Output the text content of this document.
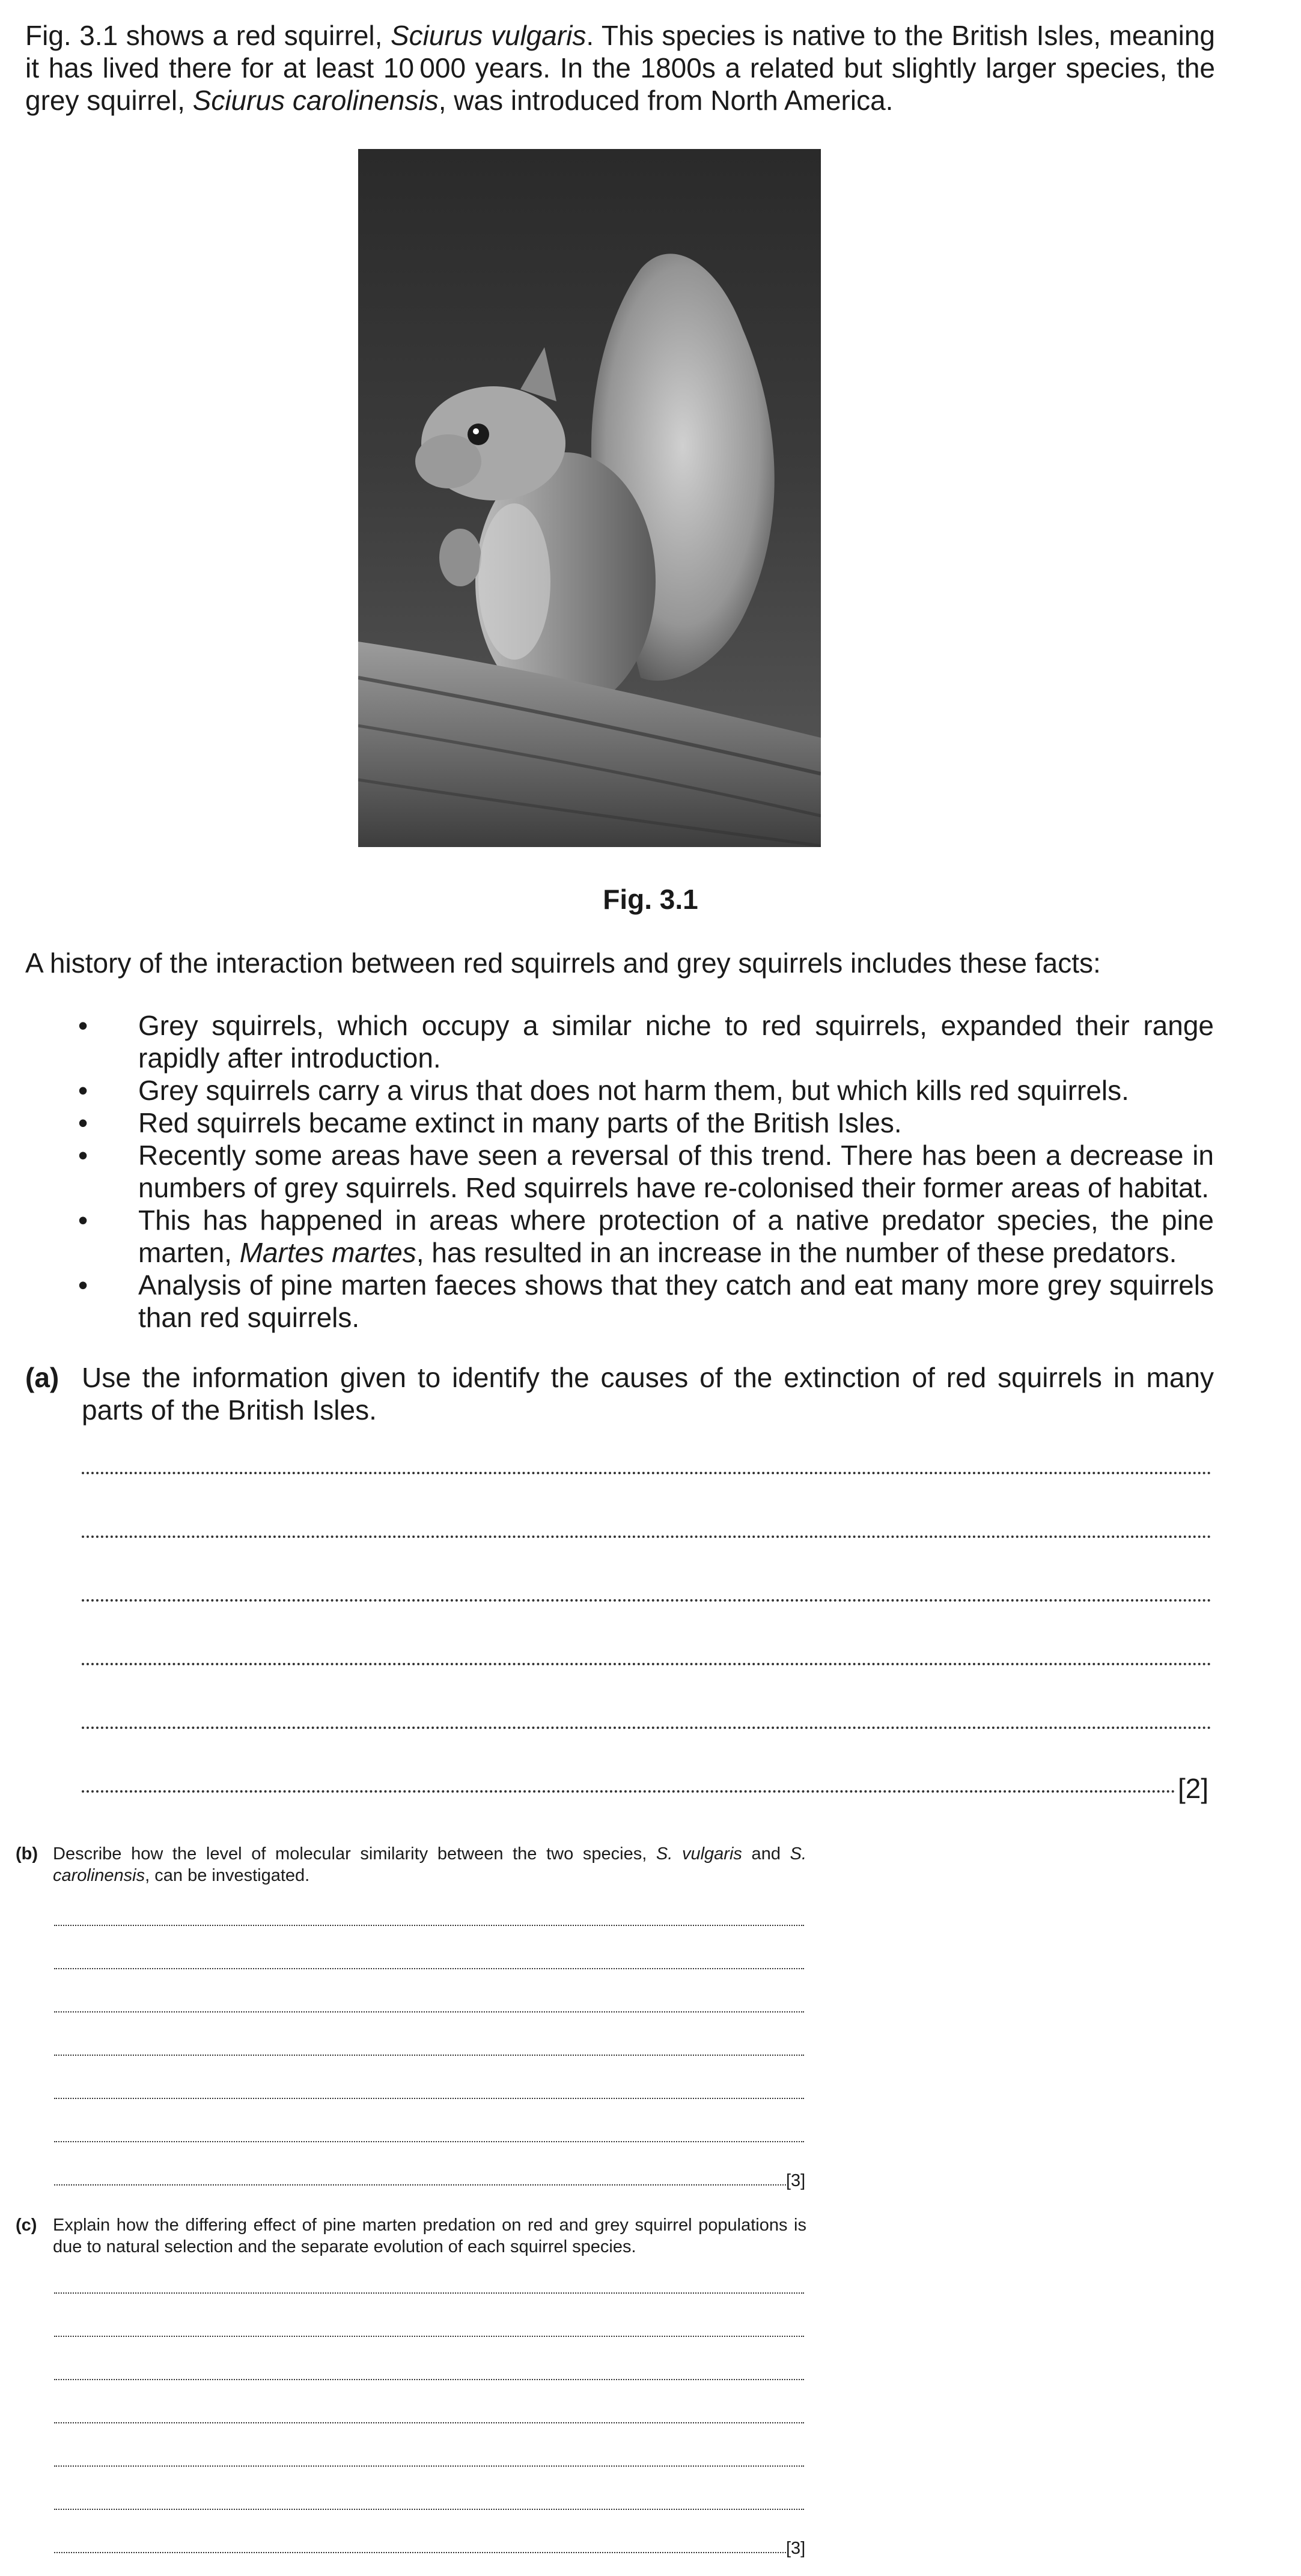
Fig. 3.1 shows a red squirrel, Sciurus vulgaris. This species is native to the British Isles, meaning it has lived there for at least 10 000 years. In the 1800s a related but slightly larger species, the grey squirrel, Sciurus carolinensis, was introduced from North America.
Fig. 3.1
A history of the interaction between red squirrels and grey squirrels includes these facts:
• Grey squirrels, which occupy a similar niche to red squirrels, expanded their range rapidly after introduction.
• Grey squirrels carry a virus that does not harm them, but which kills red squirrels.
• Red squirrels became extinct in many parts of the British Isles.
• Recently some areas have seen a reversal of this trend. There has been a decrease in numbers of grey squirrels. Red squirrels have re-colonised their former areas of habitat.
• This has happened in areas where protection of a native predator species, the pine marten, Martes martes, has resulted in an increase in the number of these predators.
• Analysis of pine marten faeces shows that they catch and eat many more grey squirrels than red squirrels.
(a) Use the information given to identify the causes of the extinction of red squirrels in many parts of the British Isles.
[2]
(b) Describe how the level of molecular similarity between the two species, S. vulgaris and S. carolinensis, can be investigated.
[3]
(c) Explain how the differing effect of pine marten predation on red and grey squirrel populations is due to natural selection and the separate evolution of each squirrel species.
[3]
